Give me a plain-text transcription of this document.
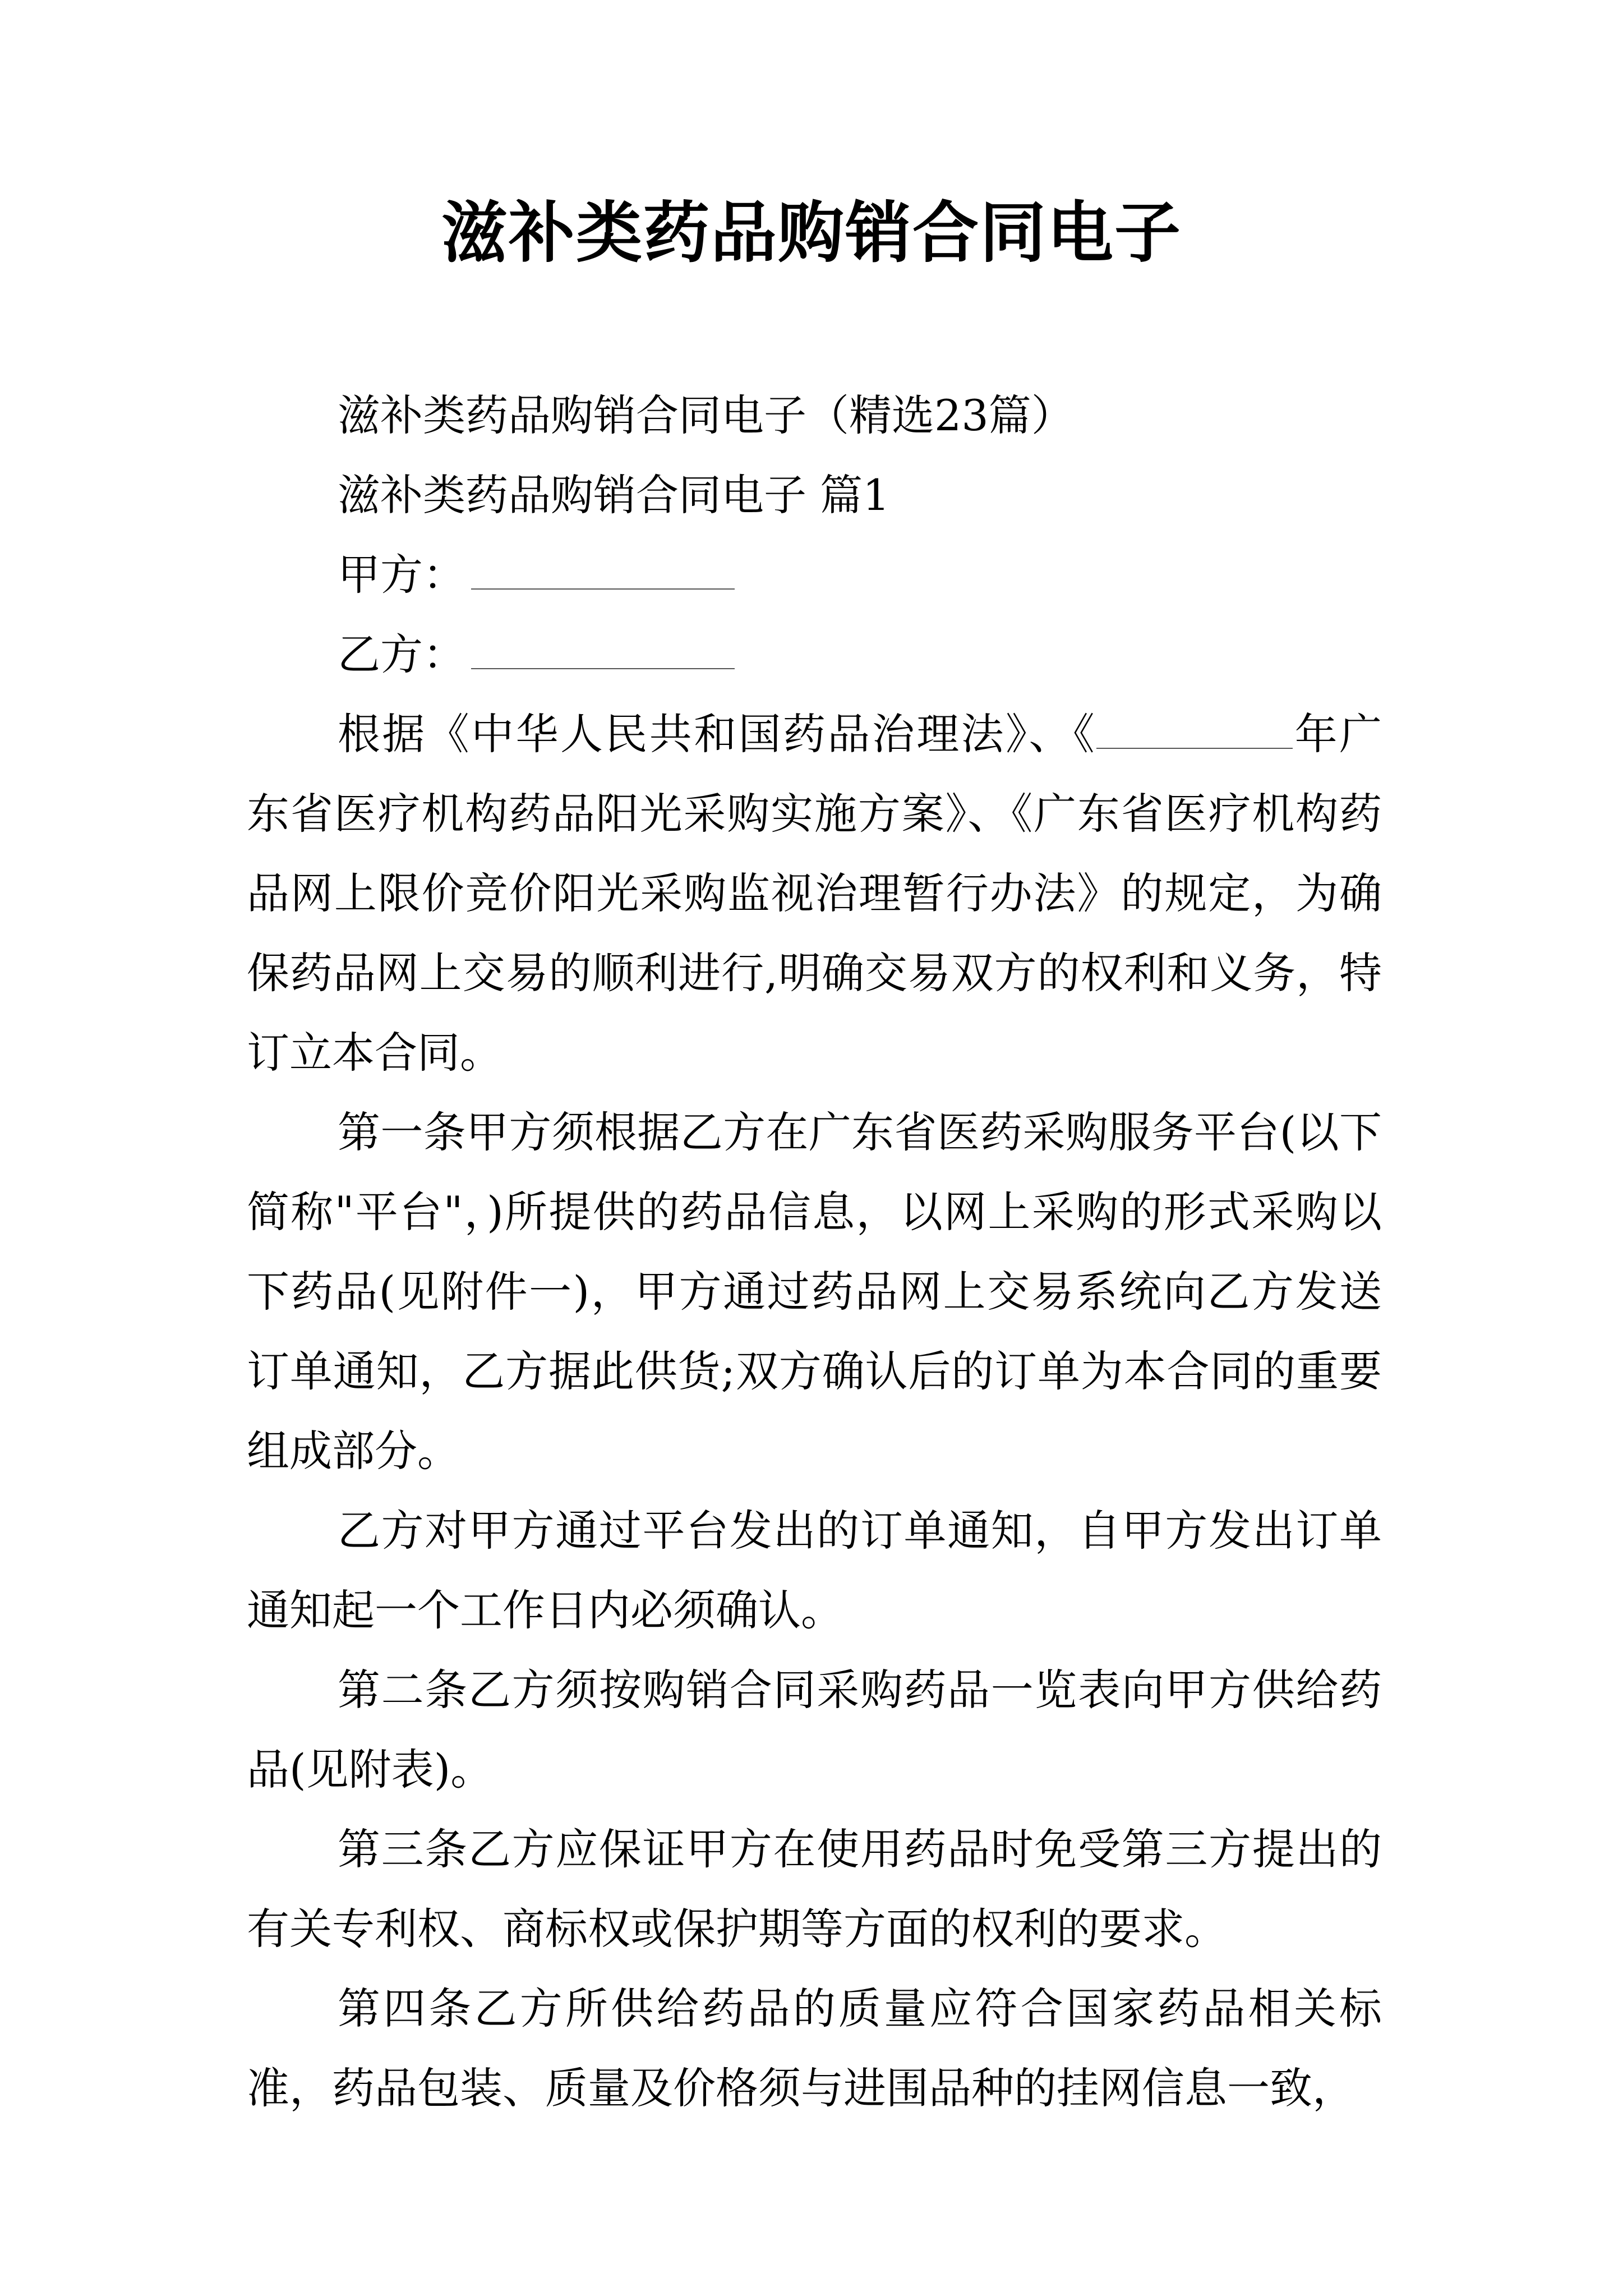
滋补类药品购销合同电子

滋补类药品购销合同电子（精选23篇）

滋补类药品购销合同电子 篇1

甲方：

乙方：

根据《中华人民共和国药品治理法》、《	年广东省医疗机构药品阳光采购实施方案》、《广东省医疗机构药品网上限价竞价阳光采购监视治理暂行办法》的规定，为确保药品网上交易的顺利进行,明确交易双方的权利和义务，特订立本合同。

第一条甲方须根据乙方在广东省医药采购服务平台(以下简称"平台"，)所提供的药品信息，以网上采购的形式采购以下药品(见附件一)，甲方通过药品网上交易系统向乙方发送订单通知，乙方据此供货;双方确认后的订单为本合同的重要组成部分。

乙方对甲方通过平台发出的订单通知，自甲方发出订单通知起一个工作日内必须确认。

第二条乙方须按购销合同采购药品一览表向甲方供给药品(见附表)。

第三条乙方应保证甲方在使用药品时免受第三方提出的有关专利权、商标权或保护期等方面的权利的要求。

第四条乙方所供给药品的质量应符合国家药品相关标准，药品包装、质量及价格须与进围品种的挂网信息一致，
